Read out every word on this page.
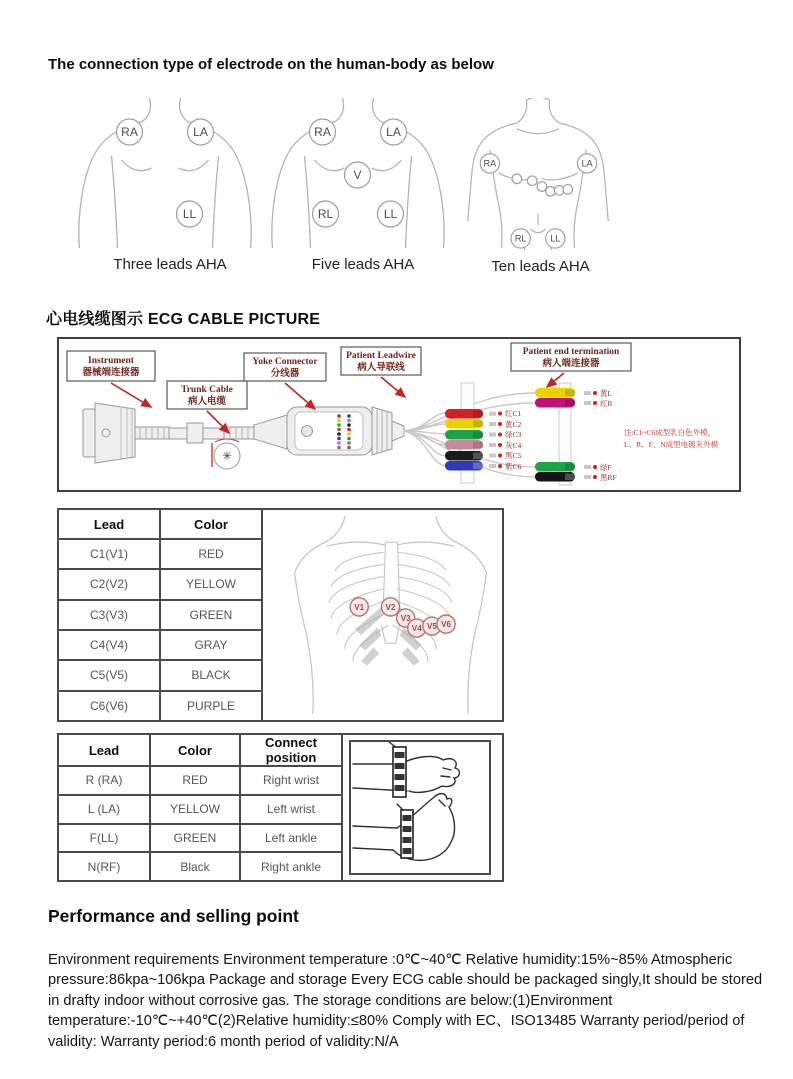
The connection type of electrode on the human-body as below
RA	LA
LL
Three leads AHA
RA	LA
V
RL	LL
Five leads AHA
RA	LA
RL LL
Ten leads AHA
心电线缆图示 ECG CABLE PICTURE
✳
黄L
红R
红C1
黄C2
绿C3
灰C4
黑C5
紫C6	绿F
黑RF
注:C1~C6成型乳白色外模，
L、R、F、N成型电镀灰外模
Instrument
器械端连接器
Trunk Cable
病人电缆
Yoke Connector
分线器
Patient Leadwire
病人导联线
Patient end termination
病人端连接器
Lead	Color
C1(V1)	RED
C2(V2)	YELLOW
C3(V3)	GREEN
C4(V4)	GRAY
C5(V5)	BLACK
C6(V6)	PURPLE
V1	V2
V3
V4 V5 V6
Lead	Color	Connect position
R (RA)	RED	Right wrist
L (LA)	YELLOW	Left wrist
F(LL)	GREEN	Left ankle
N(RF)	Black	Right ankle
Performance and selling point
Environment requirements Environment temperature :0℃~40℃ Relative humidity:15%~85% Atmospheric pressure:86kpa~106kpa Package and storage Every ECG cable should be packaged singly,It should be stored in drafty indoor without corrosive gas. The storage conditions are below:(1)Environment temperature:-10℃~+40℃(2)Relative humidity:≤80% Comply with EC、ISO13485 Warranty period/period of validity: Warranty period:6 month period of validity:N/A
